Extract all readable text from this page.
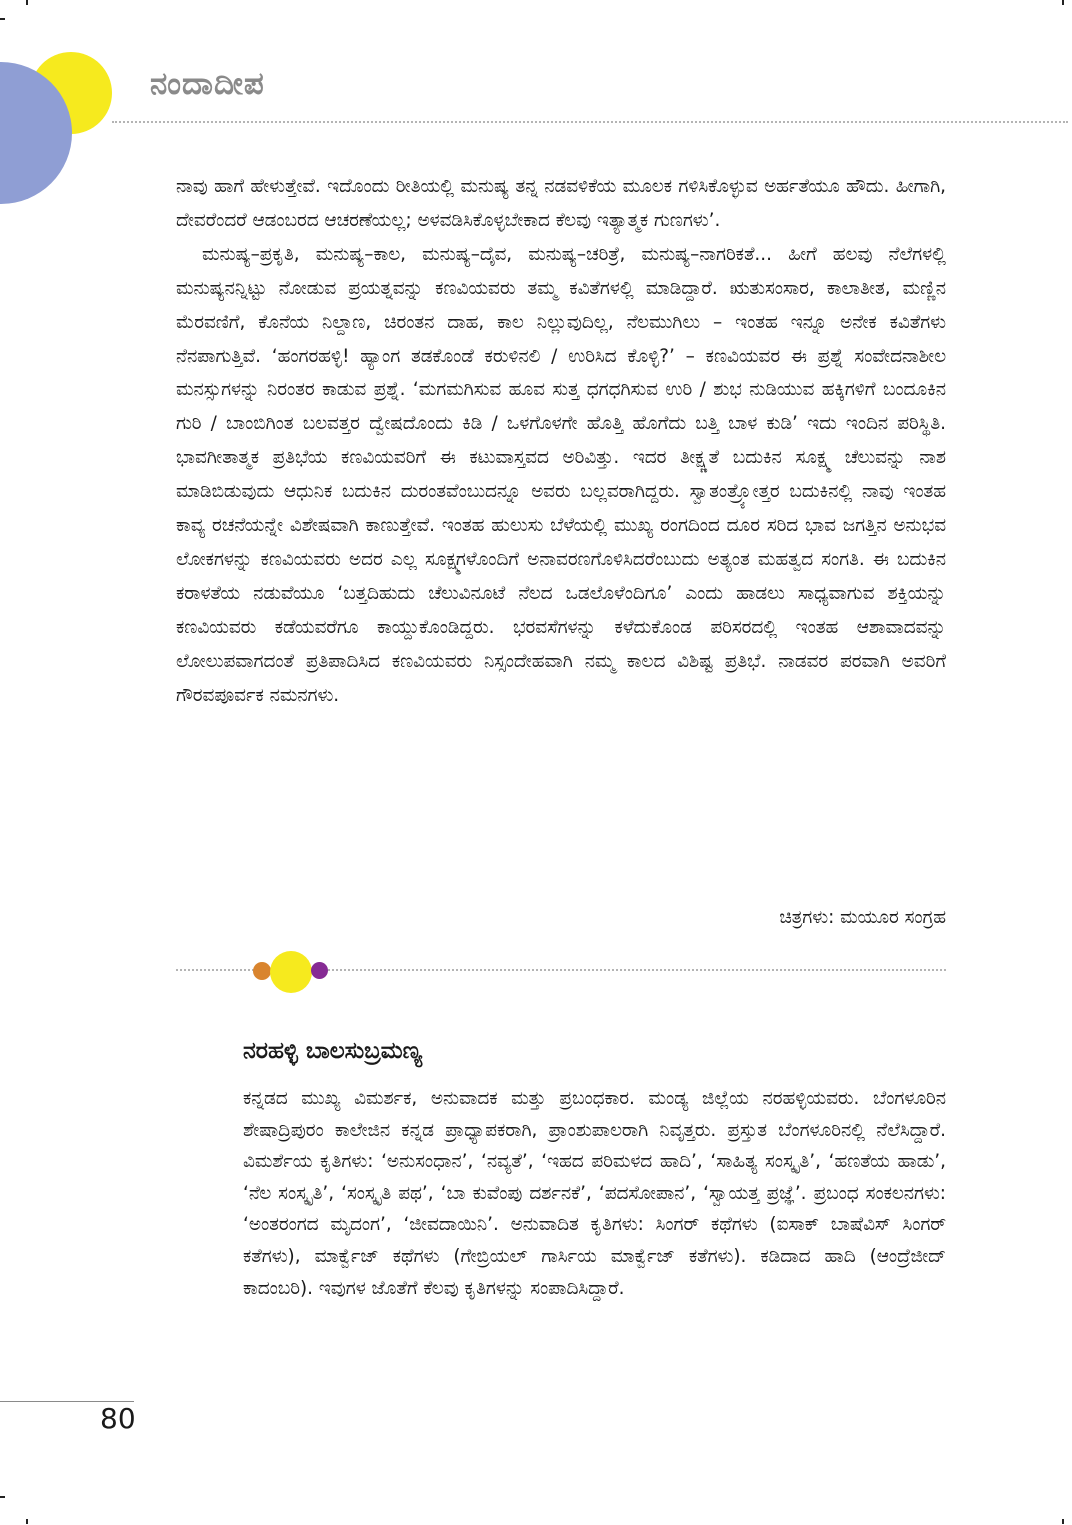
ನಂದಾದೀಪ

ನಾವು ಹಾಗೆ ಹೇಳುತ್ತೇವೆ. ಇದೊಂದು ರೀತಿಯಲ್ಲಿ ಮನುಷ್ಯ ತನ್ನ ನಡವಳಿಕೆಯ ಮೂಲಕ ಗಳಿಸಿಕೊಳ್ಳುವ ಅರ್ಹತೆಯೂ ಹೌದು. ಹೀಗಾಗಿ, ದೇವರೆಂದರೆ ಆಡಂಬರದ ಆಚರಣೆಯಲ್ಲ; ಅಳವಡಿಸಿಕೊಳ್ಳಬೇಕಾದ ಕೆಲವು ಇತ್ಯಾತ್ಮಕ ಗುಣಗಳು’.

ಮನುಷ್ಯ–ಪ್ರಕೃತಿ, ಮನುಷ್ಯ–ಕಾಲ, ಮನುಷ್ಯ–ದೈವ, ಮನುಷ್ಯ–ಚರಿತ್ರೆ, ಮನುಷ್ಯ–ನಾಗರಿಕತೆ... ಹೀಗೆ ಹಲವು ನೆಲೆಗಳಲ್ಲಿ ಮನುಷ್ಯನನ್ನಿಟ್ಟು ನೋಡುವ ಪ್ರಯತ್ನವನ್ನು ಕಣವಿಯವರು ತಮ್ಮ ಕವಿತೆಗಳಲ್ಲಿ ಮಾಡಿದ್ದಾರೆ. ಋತುಸಂಸಾರ, ಕಾಲಾತೀತ, ಮಣ್ಣಿನ ಮೆರವಣಿಗೆ, ಕೊನೆಯ ನಿಲ್ದಾಣ, ಚಿರಂತನ ದಾಹ, ಕಾಲ ನಿಲ್ಲುವುದಿಲ್ಲ, ನೆಲಮುಗಿಲು – ಇಂತಹ ಇನ್ನೂ ಅನೇಕ ಕವಿತೆಗಳು ನೆನಪಾಗುತ್ತಿವೆ. ‘ಹಂಗರಹಳ್ಳಿ! ಹ್ಯಾಂಗ ತಡಕೊಂಡೆ ಕರುಳಿನಲಿ / ಉರಿಸಿದ ಕೊಳ್ಳಿ?’ – ಕಣವಿಯವರ ಈ ಪ್ರಶ್ನೆ ಸಂವೇದನಾಶೀಲ ಮನಸ್ಸುಗಳನ್ನು ನಿರಂತರ ಕಾಡುವ ಪ್ರಶ್ನೆ. ‘ಮಗಮಗಿಸುವ ಹೂವ ಸುತ್ತ ಧಗಧಗಿಸುವ ಉರಿ / ಶುಭ ನುಡಿಯುವ ಹಕ್ಕಿಗಳಿಗೆ ಬಂದೂಕಿನ ಗುರಿ / ಬಾಂಬಿಗಿಂತ ಬಲವತ್ತರ ದ್ವೇಷದೊಂದು ಕಿಡಿ / ಒಳಗೊಳಗೇ ಹೊತ್ತಿ ಹೊಗೆದು ಬತ್ತಿ ಬಾಳ ಕುಡಿ’ ಇದು ಇಂದಿನ ಪರಿಸ್ಥಿತಿ. ಭಾವಗೀತಾತ್ಮಕ ಪ್ರತಿಭೆಯ ಕಣವಿಯವರಿಗೆ ಈ ಕಟುವಾಸ್ತವದ ಅರಿವಿತ್ತು. ಇದರ ತೀಕ್ಷ್ಣತೆ ಬದುಕಿನ ಸೂಕ್ಷ್ಮ ಚೆಲುವನ್ನು ನಾಶ ಮಾಡಿಬಿಡುವುದು ಆಧುನಿಕ ಬದುಕಿನ ದುರಂತವೆಂಬುದನ್ನೂ ಅವರು ಬಲ್ಲವರಾಗಿದ್ದರು. ಸ್ವಾತಂತ್ರ್ಯೋತ್ತರ ಬದುಕಿನಲ್ಲಿ ನಾವು ಇಂತಹ ಕಾವ್ಯ ರಚನೆಯನ್ನೇ ವಿಶೇಷವಾಗಿ ಕಾಣುತ್ತೇವೆ. ಇಂತಹ ಹುಲುಸು ಬೆಳೆಯಲ್ಲಿ ಮುಖ್ಯ ರಂಗದಿಂದ ದೂರ ಸರಿದ ಭಾವ ಜಗತ್ತಿನ ಅನುಭವ ಲೋಕಗಳನ್ನು ಕಣವಿಯವರು ಅದರ ಎಲ್ಲ ಸೂಕ್ಷ್ಮಗಳೊಂದಿಗೆ ಅನಾವರಣಗೊಳಿಸಿದರೆಂಬುದು ಅತ್ಯಂತ ಮಹತ್ವದ ಸಂಗತಿ. ಈ ಬದುಕಿನ ಕರಾಳತೆಯ ನಡುವೆಯೂ ‘ಬತ್ತದಿಹುದು ಚೆಲುವಿನೂಟೆ ನೆಲದ ಒಡಲೊಳೆಂದಿಗೂ’ ಎಂದು ಹಾಡಲು ಸಾಧ್ಯವಾಗುವ ಶಕ್ತಿಯನ್ನು ಕಣವಿಯವರು ಕಡೆಯವರೆಗೂ ಕಾಯ್ದುಕೊಂಡಿದ್ದರು. ಭರವಸೆಗಳನ್ನು ಕಳೆದುಕೊಂಡ ಪರಿಸರದಲ್ಲಿ ಇಂತಹ ಆಶಾವಾದವನ್ನು ಲೋಲುಪವಾಗದಂತೆ ಪ್ರತಿಪಾದಿಸಿದ ಕಣವಿಯವರು ನಿಸ್ಸಂದೇಹವಾಗಿ ನಮ್ಮ ಕಾಲದ ವಿಶಿಷ್ಟ ಪ್ರತಿಭೆ. ನಾಡವರ ಪರವಾಗಿ ಅವರಿಗೆ ಗೌರವಪೂರ್ವಕ ನಮನಗಳು.

ಚಿತ್ರಗಳು: ಮಯೂರ ಸಂಗ್ರಹ
ನರಹಳ್ಳಿ ಬಾಲಸುಬ್ರಮಣ್ಯ

ಕನ್ನಡದ ಮುಖ್ಯ ವಿಮರ್ಶಕ, ಅನುವಾದಕ ಮತ್ತು ಪ್ರಬಂಧಕಾರ. ಮಂಡ್ಯ ಜಿಲ್ಲೆಯ ನರಹಳ್ಳಿಯವರು. ಬೆಂಗಳೂರಿನ ಶೇಷಾದ್ರಿಪುರಂ ಕಾಲೇಜಿನ ಕನ್ನಡ ಪ್ರಾಧ್ಯಾಪಕರಾಗಿ, ಪ್ರಾಂಶುಪಾಲರಾಗಿ ನಿವೃತ್ತರು. ಪ್ರಸ್ತುತ ಬೆಂಗಳೂರಿನಲ್ಲಿ ನೆಲೆಸಿದ್ದಾರೆ. ವಿಮರ್ಶೆಯ ಕೃತಿಗಳು: ‘ಅನುಸಂಧಾನ’, ‘ನವ್ಯತೆ’, ‘ಇಹದ ಪರಿಮಳದ ಹಾದಿ’, ‘ಸಾಹಿತ್ಯ ಸಂಸ್ಕೃತಿ’, ‘ಹಣತೆಯ ಹಾಡು’, ‘ನೆಲ ಸಂಸ್ಕೃತಿ’, ‘ಸಂಸ್ಕೃತಿ ಪಥ’, ‘ಬಾ ಕುವೆಂಪು ದರ್ಶನಕೆ’, ‘ಪದಸೋಪಾನ’, ‘ಸ್ವಾಯತ್ತ ಪ್ರಜ್ಞೆ’. ಪ್ರಬಂಧ ಸಂಕಲನಗಳು: ‘ಅಂತರಂಗದ ಮೃದಂಗ’, ‘ಜೀವದಾಯಿನಿ’. ಅನುವಾದಿತ ಕೃತಿಗಳು: ಸಿಂಗರ್ ಕಥೆಗಳು (ಐಸಾಕ್ ಬಾಷೆವಿಸ್ ಸಿಂಗರ್ ಕತೆಗಳು), ಮಾರ್ಕ್ವೆಜ್ ಕಥೆಗಳು (ಗೇಬ್ರಿಯಲ್ ಗಾರ್ಸಿಯ ಮಾರ್ಕ್ವೆಜ್ ಕತೆಗಳು). ಕಡಿದಾದ ಹಾದಿ (ಆಂದ್ರೆಜೀದ್ ಕಾದಂಬರಿ). ಇವುಗಳ ಜೊತೆಗೆ ಕೆಲವು ಕೃತಿಗಳನ್ನು ಸಂಪಾದಿಸಿದ್ದಾರೆ.

80
